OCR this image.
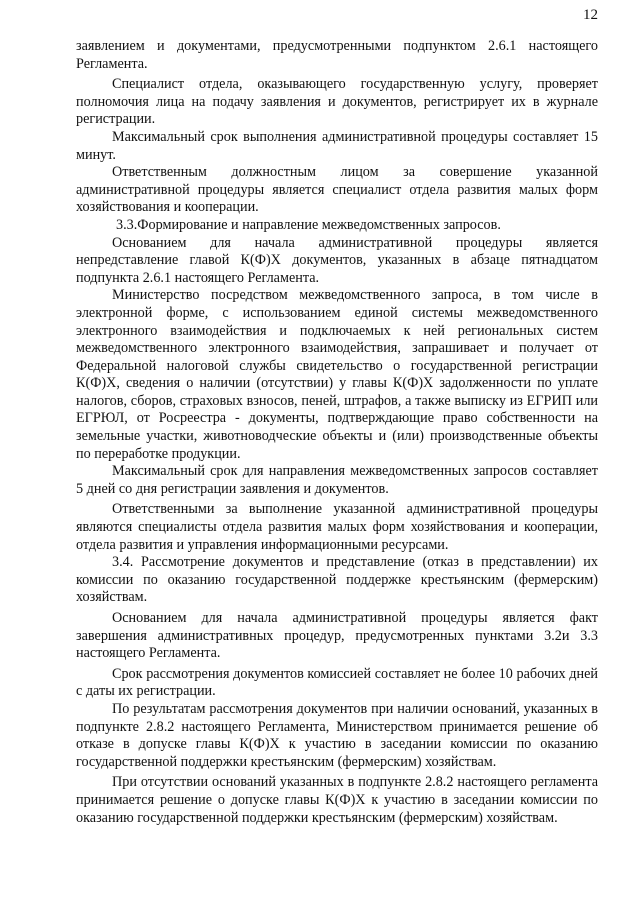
12

заявлением и документами, предусмотренными подпунктом 2.6.1 настоящего Регламента.

Специалист отдела, оказывающего государственную услугу, проверяет полномочия лица на подачу заявления и документов, регистрирует их в журнале регистрации.

Максимальный срок выполнения административной процедуры составляет 15 минут.

Ответственным должностным лицом за совершение указанной административной процедуры является специалист отдела развития малых форм хозяйствования и кооперации.

3.3.Формирование и направление межведомственных запросов.

Основанием для начала административной процедуры является непредставление главой К(Ф)Х документов, указанных в абзаце пятнадцатом подпункта 2.6.1 настоящего Регламента.

Министерство посредством межведомственного запроса, в том числе в электронной форме, с использованием единой системы межведомственного электронного взаимодействия и подключаемых к ней региональных систем межведомственного электронного взаимодействия, запрашивает и получает от Федеральной налоговой службы свидетельство о государственной регистрации К(Ф)Х, сведения о наличии (отсутствии) у главы К(Ф)Х задолженности по уплате налогов, сборов, страховых взносов, пеней, штрафов, а также выписку из ЕГРИП или ЕГРЮЛ, от Росреестра - документы, подтверждающие право собственности на земельные участки, животноводческие объекты и (или) производственные объекты по переработке продукции.

Максимальный срок для направления межведомственных запросов составляет 5 дней со дня регистрации заявления и документов.

Ответственными за выполнение указанной административной процедуры являются специалисты отдела развития малых форм хозяйствования и кооперации, отдела развития и управления информационными ресурсами.

3.4. Рассмотрение документов и представление (отказ в представлении) их комиссии по оказанию государственной поддержке крестьянским (фермерским) хозяйствам.

Основанием для начала административной процедуры является факт завершения административных процедур, предусмотренных пунктами 3.2и 3.3 настоящего Регламента.

Срок рассмотрения документов комиссией составляет не более 10 рабочих дней с даты их регистрации.

По результатам рассмотрения документов при наличии оснований, указанных в подпункте 2.8.2 настоящего Регламента, Министерством принимается решение об отказе в допуске главы К(Ф)Х к участию в заседании комиссии по оказанию государственной поддержки крестьянским (фермерским) хозяйствам.

При отсутствии оснований указанных в подпункте 2.8.2 настоящего регламента принимается решение о допуске главы К(Ф)Х к участию в заседании комиссии по оказанию государственной поддержки крестьянским (фермерским) хозяйствам.
